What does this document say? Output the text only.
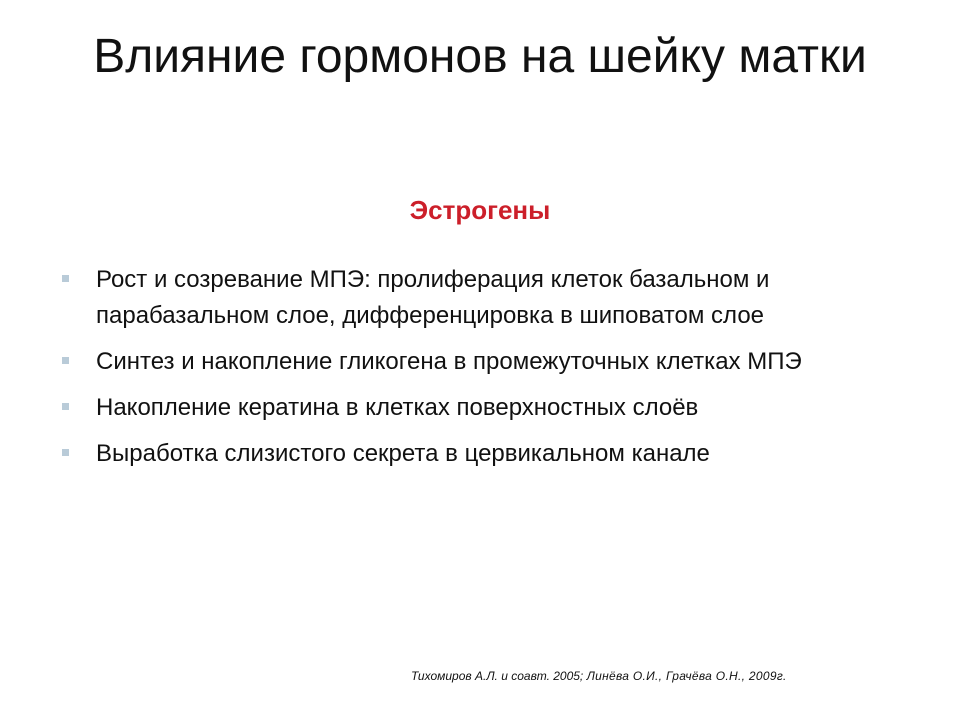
Влияние гормонов на шейку матки
Эстрогены
Рост и созревание МПЭ: пролиферация клеток базальном и парабазальном слое, дифференцировка в шиповатом слое
Синтез и накопление гликогена в промежуточных клетках МПЭ
Накопление кератина в клетках поверхностных слоёв
Выработка слизистого секрета в цервикальном канале
Тихомиров А.Л. и соавт. 2005; Линёва О.И., Грачёва О.Н., 2009г.
